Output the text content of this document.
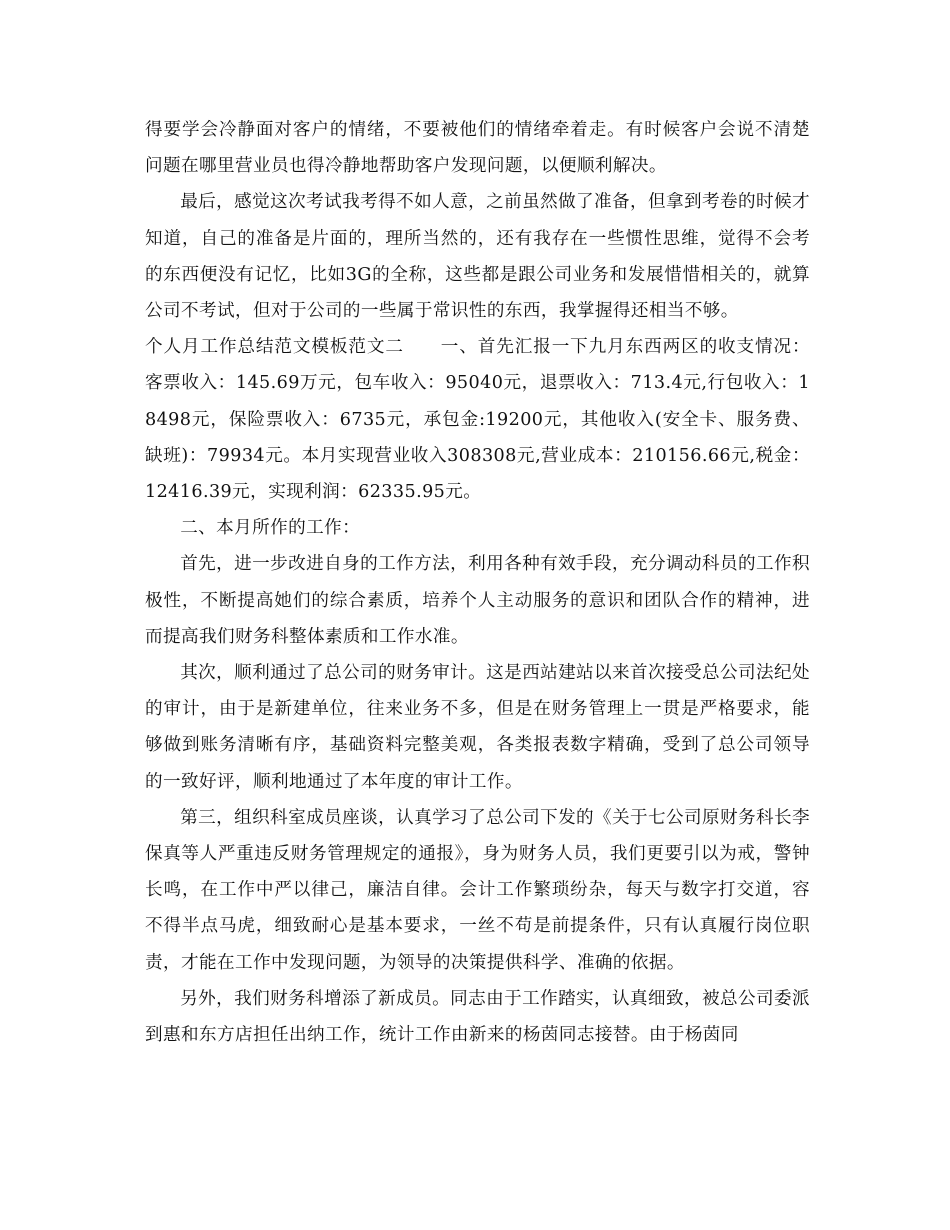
得要学会冷静面对客户的情绪，不要被他们的情绪牵着走。有时候客户会说不清楚问题在哪里营业员也得冷静地帮助客户发现问题，以便顺利解决。

最后，感觉这次考试我考得不如人意，之前虽然做了准备，但拿到考卷的时候才知道，自己的准备是片面的，理所当然的，还有我存在一些惯性思维，觉得不会考的东西便没有记忆，比如3G的全称，这些都是跟公司业务和发展惜惜相关的，就算公司不考试，但对于公司的一些属于常识性的东西，我掌握得还相当不够。

个人月工作总结范文模板范文二　　一、首先汇报一下九月东西两区的收支情况：客票收入：145.69万元，包车收入：95040元，退票收入：713.4元,行包收入：18498元，保险票收入：6735元，承包金:19200元，其他收入(安全卡、服务费、缺班)：79934元。本月实现营业收入308308元,营业成本：210156.66元,税金：12416.39元，实现利润：62335.95元。

二、本月所作的工作：

首先，进一步改进自身的工作方法，利用各种有效手段，充分调动科员的工作积极性，不断提高她们的综合素质，培养个人主动服务的意识和团队合作的精神，进而提高我们财务科整体素质和工作水准。

其次，顺利通过了总公司的财务审计。这是西站建站以来首次接受总公司法纪处的审计，由于是新建单位，往来业务不多，但是在财务管理上一贯是严格要求，能够做到账务清晰有序，基础资料完整美观，各类报表数字精确，受到了总公司领导的一致好评，顺利地通过了本年度的审计工作。

第三，组织科室成员座谈，认真学习了总公司下发的《关于七公司原财务科长李保真等人严重违反财务管理规定的通报》，身为财务人员，我们更要引以为戒，警钟长鸣，在工作中严以律己，廉洁自律。会计工作繁琐纷杂，每天与数字打交道，容不得半点马虎，细致耐心是基本要求，一丝不苟是前提条件，只有认真履行岗位职责，才能在工作中发现问题，为领导的决策提供科学、准确的依据。

另外，我们财务科增添了新成员。同志由于工作踏实，认真细致，被总公司委派到惠和东方店担任出纳工作，统计工作由新来的杨茵同志接替。由于杨茵同
